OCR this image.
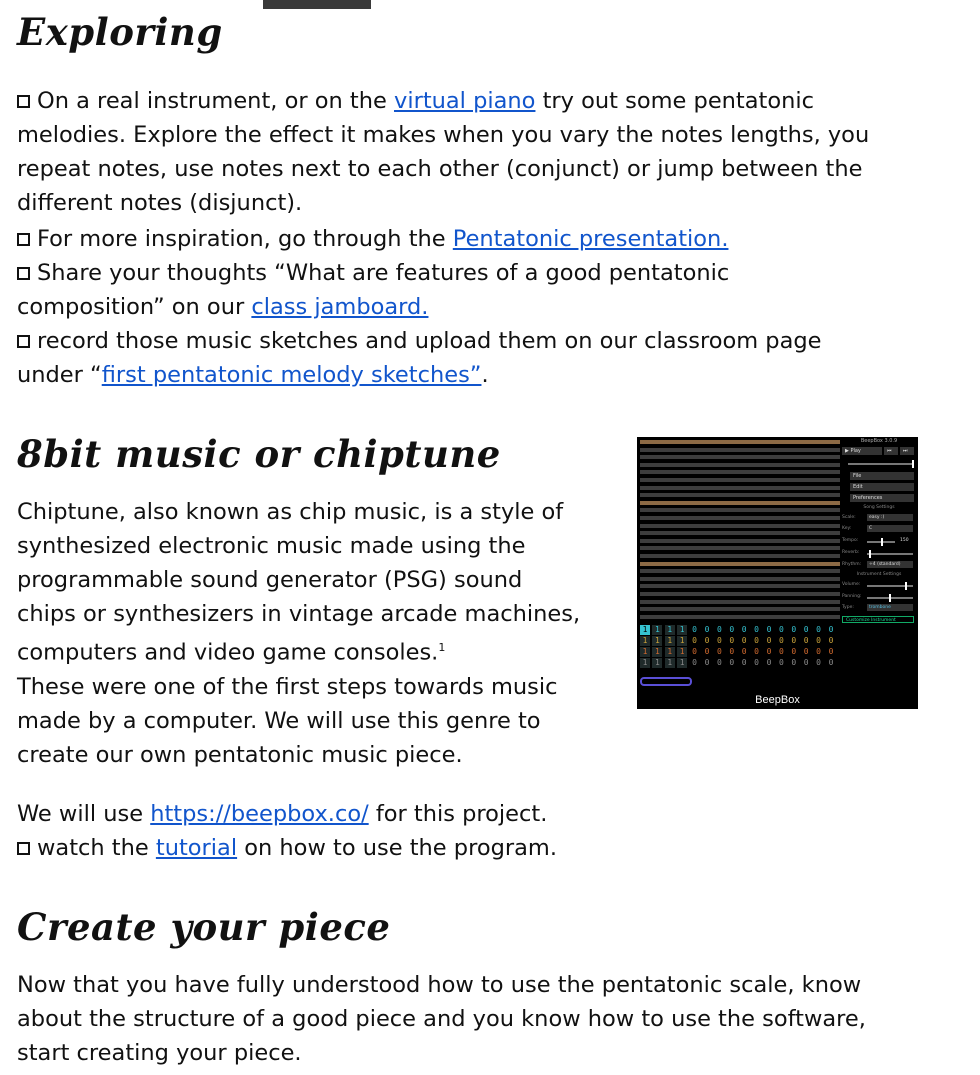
Exploring

On a real instrument, or on the virtual piano try out some pentatonic
melodies. Explore the effect it makes when you vary the notes lengths, you
repeat notes, use notes next to each other (conjunct) or jump between the
different notes (disjunct).

For more inspiration, go through the Pentatonic presentation.

Share your thoughts “What are features of a good pentatonic
composition” on our class jamboard.

record those music sketches and upload them on our classroom page
under “first pentatonic melody sketches”.

8bit music or chiptune

Chiptune, also known as chip music, is a style of
synthesized electronic music made using the
programmable sound generator (PSG) sound
chips or synthesizers in vintage arcade machines,
computers and video game consoles.$^1$
These were one of the first steps towards music
made by a computer. We will use this genre to
create our own pentatonic music piece.

We will use https://beepbox.co/ for this project.

watch the tutorial on how to use the program.

Create your piece

Now that you have fully understood how to use the pentatonic scale, know
about the structure of a good piece and you know how to use the software,
start creating your piece.

1 1 1 1 0 0 0 0 0 0 0 0 0 0 0 0
1 1 1 1 0 0 0 0 0 0 0 0 0 0 0 0
1 1 1 1 0 0 0 0 0 0 0 0 0 0 0 0
1 1 1 1 0 0 0 0 0 0 0 0 0 0 0 0
BeepBox 3.0.9
▶ Play	⏮	⏭
File
Edit
Preferences
Song Settings
Scale:	easy :)
Key:	C
Tempo:	150
Reverb:
Rhythm:	÷4 (standard)
Instrument Settings
Volume:
Panning:
Type:	trombone
Customize Instrument
BeepBox
